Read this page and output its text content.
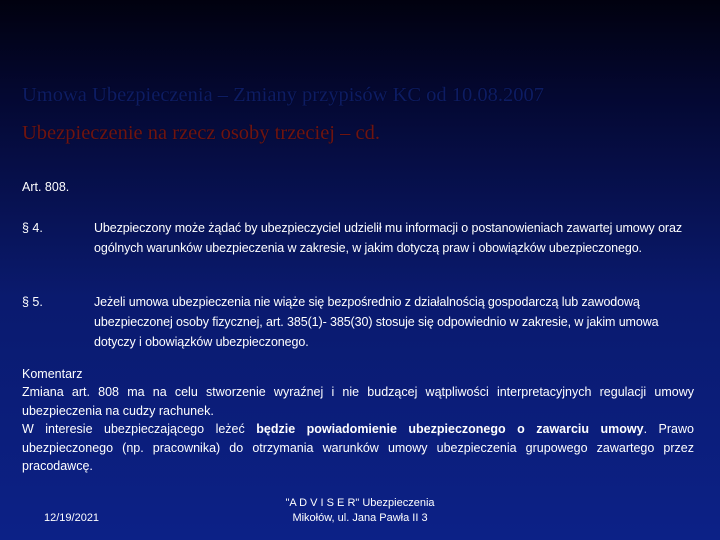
Umowa Ubezpieczenia – Zmiany przypisów KC od 10.08.2007
Ubezpieczenie na rzecz osoby trzeciej – cd.
Art. 808.
§ 4.	Ubezpieczony może żądać by ubezpieczyciel udzielił mu informacji o postanowieniach zawartej umowy oraz ogólnych warunków ubezpieczenia w zakresie, w jakim dotyczą praw i obowiązków ubezpieczonego.
§ 5.	Jeżeli umowa ubezpieczenia nie wiąże się bezpośrednio z działalnością gospodarczą lub zawodową ubezpieczonej osoby fizycznej, art. 385(1)- 385(30) stosuje się odpowiednio w zakresie, w jakim umowa dotyczy i obowiązków ubezpieczonego.
Komentarz
Zmiana art. 808 ma na celu stworzenie wyraźnej i nie budzącej wątpliwości interpretacyjnych regulacji umowy ubezpieczenia na cudzy rachunek.
W interesie ubezpieczającego leżeć będzie powiadomienie ubezpieczonego o zawarciu umowy. Prawo ubezpieczonego (np. pracownika) do otrzymania warunków umowy ubezpieczenia grupowego zawartego przez pracodawcę.
12/19/2021
"A D V I S E R" Ubezpieczenia
Mikołów, ul. Jana Pawła II 3
